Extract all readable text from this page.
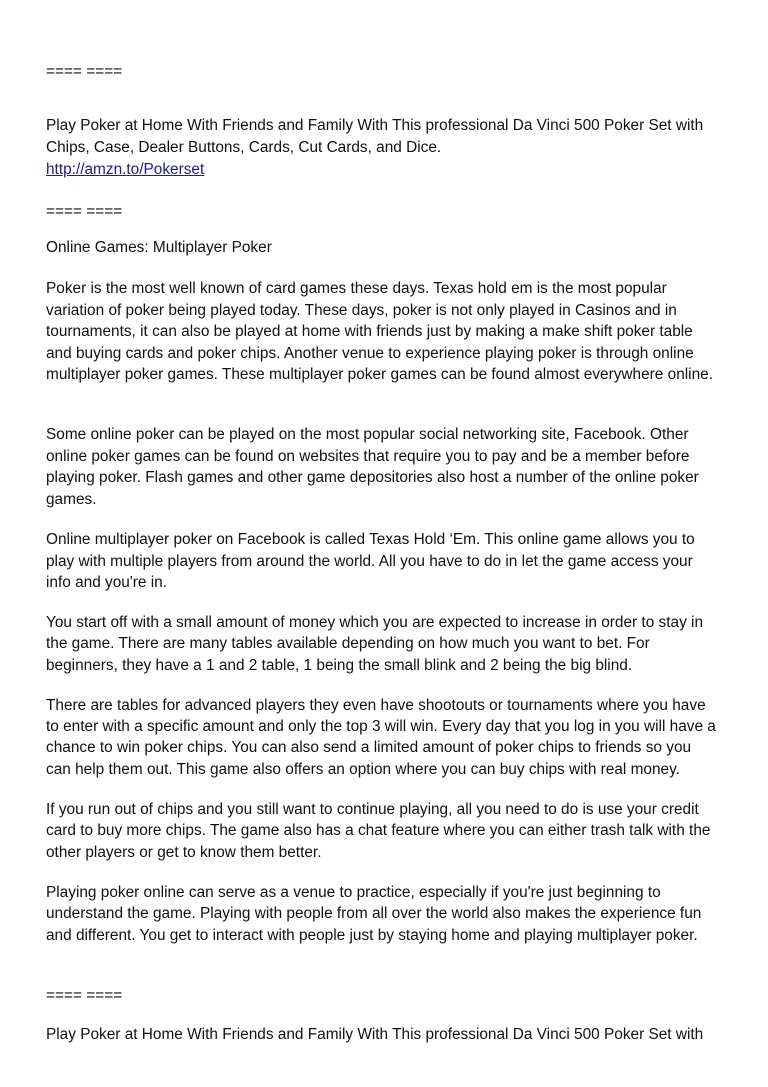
==== ====
Play Poker at Home With Friends and Family With This professional Da Vinci 500 Poker Set with
Chips, Case, Dealer Buttons, Cards, Cut Cards, and Dice.
http://amzn.to/Pokerset
==== ====
Online Games: Multiplayer Poker
Poker is the most well known of card games these days. Texas hold em is the most popular
variation of poker being played today. These days, poker is not only played in Casinos and in
tournaments, it can also be played at home with friends just by making a make shift poker table
and buying cards and poker chips. Another venue to experience playing poker is through online
multiplayer poker games. These multiplayer poker games can be found almost everywhere online.
Some online poker can be played on the most popular social networking site, Facebook. Other
online poker games can be found on websites that require you to pay and be a member before
playing poker. Flash games and other game depositories also host a number of the online poker
games.
Online multiplayer poker on Facebook is called Texas Hold ‘Em. This online game allows you to
play with multiple players from around the world. All you have to do in let the game access your
info and you're in.
You start off with a small amount of money which you are expected to increase in order to stay in
the game. There are many tables available depending on how much you want to bet. For
beginners, they have a 1 and 2 table, 1 being the small blink and 2 being the big blind.
There are tables for advanced players they even have shootouts or tournaments where you have
to enter with a specific amount and only the top 3 will win. Every day that you log in you will have a
chance to win poker chips. You can also send a limited amount of poker chips to friends so you
can help them out. This game also offers an option where you can buy chips with real money.
If you run out of chips and you still want to continue playing, all you need to do is use your credit
card to buy more chips. The game also has a chat feature where you can either trash talk with the
other players or get to know them better.
Playing poker online can serve as a venue to practice, especially if you're just beginning to
understand the game. Playing with people from all over the world also makes the experience fun
and different. You get to interact with people just by staying home and playing multiplayer poker.
==== ====
Play Poker at Home With Friends and Family With This professional Da Vinci 500 Poker Set with
